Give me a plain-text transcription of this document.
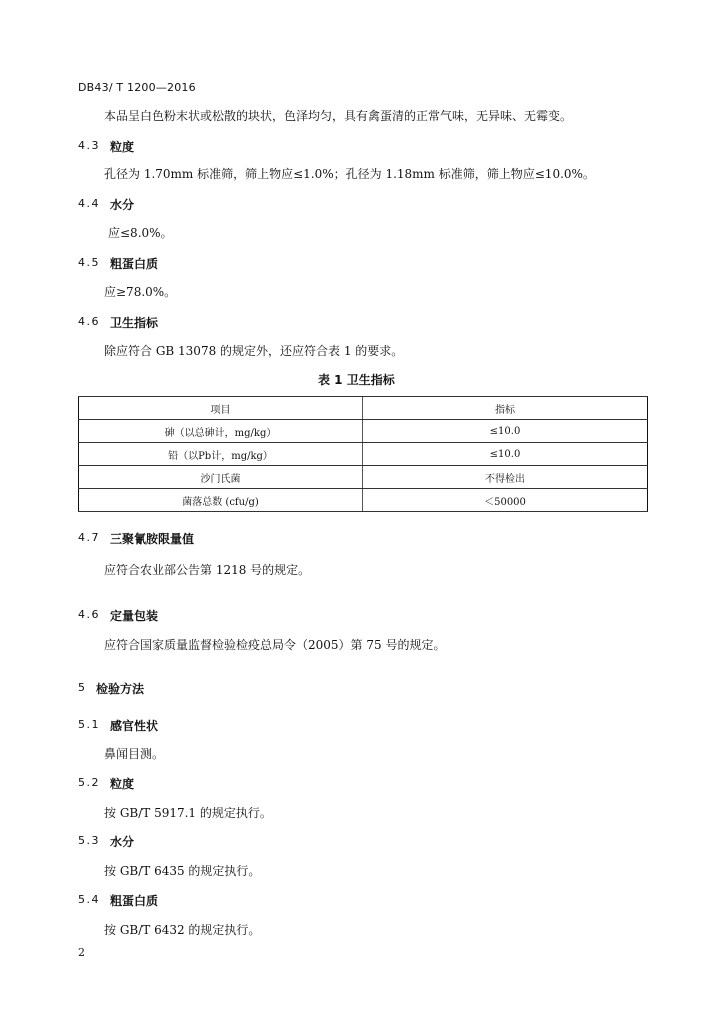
DB43/ T 1200—2016
本品呈白色粉末状或松散的块状，色泽均匀，具有禽蛋清的正常气味，无异味、无霉变。
4.3 粒度
孔径为 1.70mm 标准筛，筛上物应≤1.0%；孔径为 1.18mm 标准筛，筛上物应≤10.0%。
4.4 水分
应≤8.0%。
4.5 粗蛋白质
应≥78.0%。
4.6 卫生指标
除应符合 GB 13078 的规定外，还应符合表 1 的要求。
表 1 卫生指标
项目	指标
砷（以总砷计，mg/kg）	≤10.0
铅（以Pb计，mg/kg）	≤10.0
沙门氏菌	不得检出
菌落总数 (cfu/g)	＜50000
4.7 三聚氰胺限量值
应符合农业部公告第 1218 号的规定。
4.6 定量包装
应符合国家质量监督检验检疫总局令（2005）第 75 号的规定。
5 检验方法
5.1 感官性状
鼻闻目测。
5.2 粒度
按 GB/T 5917.1 的规定执行。
5.3 水分
按 GB/T 6435 的规定执行。
5.4 粗蛋白质
按 GB/T 6432 的规定执行。
2
